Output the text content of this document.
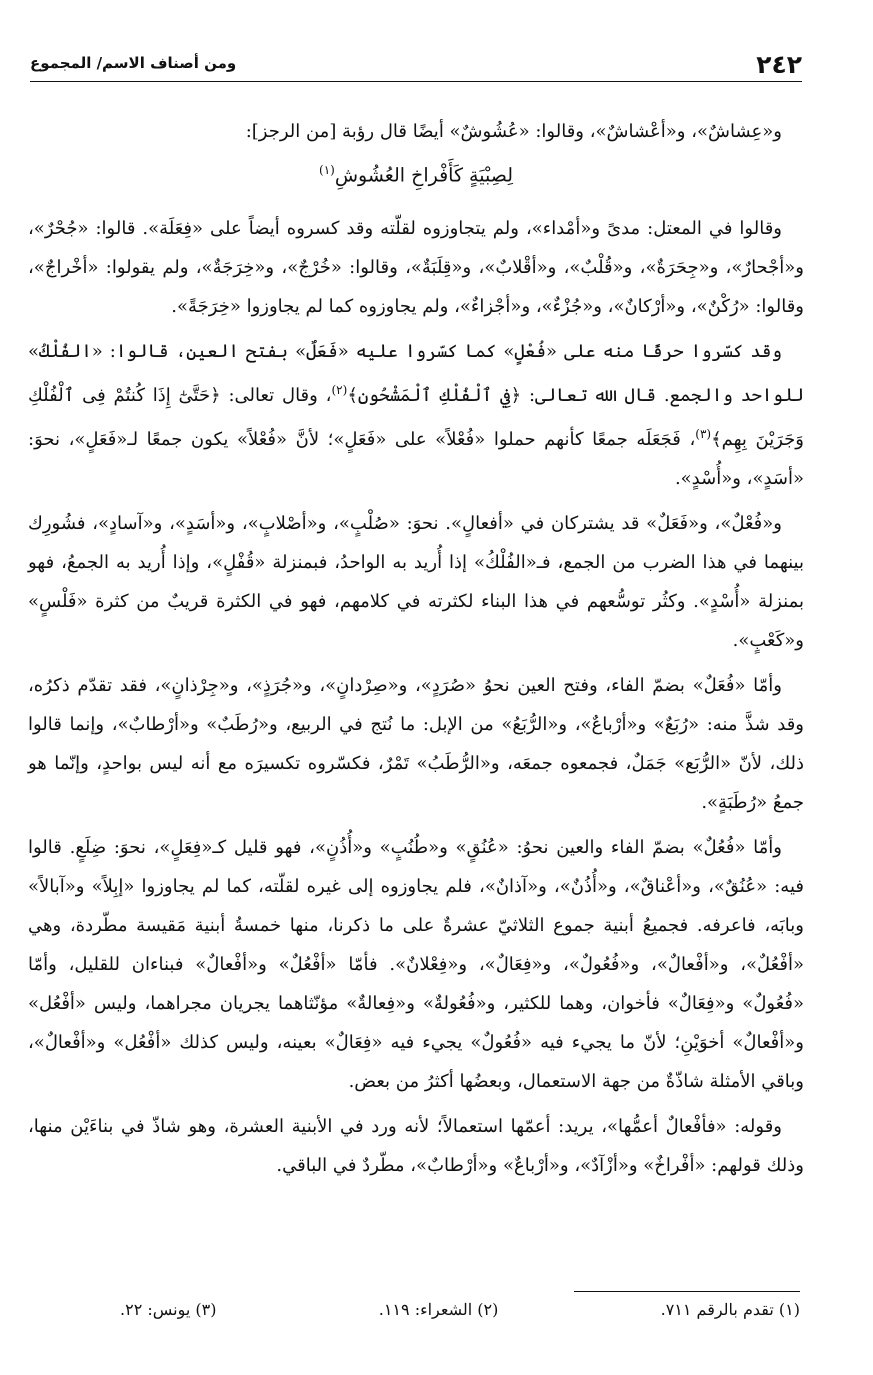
٢٤٢
ومن أصناف الاسم/ المجموع

و«عِشاشٌ»، و«أعْشاشٌ»، وقالوا: «عُشُوشٌ» أيضًا قال رؤبة [من الرجز]:

لِصِبْيَةٍ كَأَفْراخِ العُشُوشِ$^{(١)}$

وقالوا في المعتل: مدىً و«أمْداء»، ولم يتجاوزوه لقلّته وقد كسروه أيضاً على «فِعَلَة». قالوا: «جُحْرٌ»، و«أجْحارٌ»، و«جِحَرَةٌ»، و«قُلْبٌ»، و«أقْلابٌ»، و«قِلَبَةٌ»، وقالوا: «خُرْجٌ»، و«خِرَجَةٌ»، ولم يقولوا: «أخْراجٌ»، وقالوا: «رُكْنٌ»، و«أرْكانٌ»، و«جُزْءٌ»، و«أجْزاءٌ»، ولم يجاوزوه كما لم يجاوزوا «خِرَجَةً».

وقد كسّروا حرفًا منه على «فُعْلٍ» كما كسّروا عليه «فَعَلٌ» بفتح العين، قالوا: «الفُلْكُ» للواحد والجمع. قال الله تعالى: ﴿فِي ٱلْفُلْكِ ٱلْمَشْحُونِ﴾$^{(٢)}$، وقال تعالى: ﴿حَتَّىٰٓ إِذَا كُنتُمْ فِى ٱلْفُلْكِ وَجَرَيْنَ بِهِم﴾$^{(٣)}$، فَجَعَلَه جمعًا كأنهم حملوا «فُعْلاً» على «فَعَلٍ»؛ لأنَّ «فُعْلاً» يكون جمعًا لـ«فَعَلٍ»، نحوَ: «أسَدٍ»، و«أُسْدٍ».

و«فُعْلٌ»، و«فَعَلٌ» قد يشتركان في «أفعالٍ». نحوَ: «صُلْبٍ»، و«أصْلابٍ»، و«أسَدٍ»، و«آسادٍ»، فشُورِك بينهما في هذا الضرب من الجمع، فـ«الفُلْكُ» إذا أُريد به الواحدُ، فبمنزلة «قُفْلٍ»، وإذا أُريد به الجمعُ، فهو بمنزلة «أُسْدٍ». وكثُر توسُّعهم في هذا البناء لكثرته في كلامهم، فهو في الكثرة قريبٌ من كثرة «فَلْسٍ» و«كَعْبٍ».

وأمّا «فُعَلٌ» بضمّ الفاء، وفتح العين نحوُ «صُرَدٍ»، و«صِرْدانٍ»، و«جُرَذٍ»، و«جِرْذانٍ»، فقد تقدّم ذكرُه، وقد شذَّ منه: «رُبَعٌ» و«أرْباعٌ»، و«الرُّبَعُ» من الإبل: ما نُتج في الربيع، و«رُطَبٌ» و«أرْطابٌ»، وإنما قالوا ذلك، لأنّ «الرُّبَع» جَمَلٌ، فجمعوه جمعَه، و«الرُّطَبُ» تَمْرٌ، فكسّروه تكسيرَه مع أنه ليس بواحدٍ، وإنّما هو جمعُ «رُطَبَةٍ».

وأمّا «فُعُلٌ» بضمّ الفاء والعين نحوُ: «عُنُقٍ» و«طُنُبٍ» و«أُذُنٍ»، فهو قليل كـ«فِعَلٍ»، نحوَ: ضِلَعٍ. قالوا فيه: «عُنُقٌ»، و«أعْناقٌ»، و«أُذُنٌ»، و«آذانٌ»، فلم يجاوزوه إلى غيره لقلّته، كما لم يجاوزوا «إبِلاً» و«آبالاً» وبابَه، فاعرفه. فجميعُ أبنية جموع الثلاثيّ عشرةٌ على ما ذكرنا، منها خمسةُ أبنية مَقيسة مطّردة، وهي «أفْعُلٌ»، و«أفْعالٌ»، و«فُعُولٌ»، و«فِعَالٌ»، و«فِعْلانٌ». فأمّا «أفْعُلٌ» و«أفْعالٌ» فبناءان للقليل، وأمّا «فُعُولٌ» و«فِعَالٌ» فأخوان، وهما للكثير، و«فُعُولةٌ» و«فِعالةٌ» مؤنّثاهما يجريان مجراهما، وليس «أفْعُل» و«أفْعالٌ» أخوَيْنِ؛ لأنّ ما يجيء فيه «فُعُولٌ» يجيء فيه «فِعَالٌ» بعينه، وليس كذلك «أفْعُل» و«أفْعالٌ»، وباقي الأمثلة شاذّةٌ من جهة الاستعمال، وبعضُها أكثرُ من بعض.

وقوله: «فأفْعالٌ أعمُّها»، يريد: أعمّها استعمالاً؛ لأنه ورد في الأبنية العشرة، وهو شاذّ في بناءَيْن منها، وذلك قولهم: «أفْراخٌ» و«أزْآدٌ»، و«أرْباعٌ» و«أرْطابٌ»، مطّردٌ في الباقي.

(١) تقدم بالرقم ٧١١.
(٢) الشعراء: ١١٩.
(٣) يونس: ٢٢.
